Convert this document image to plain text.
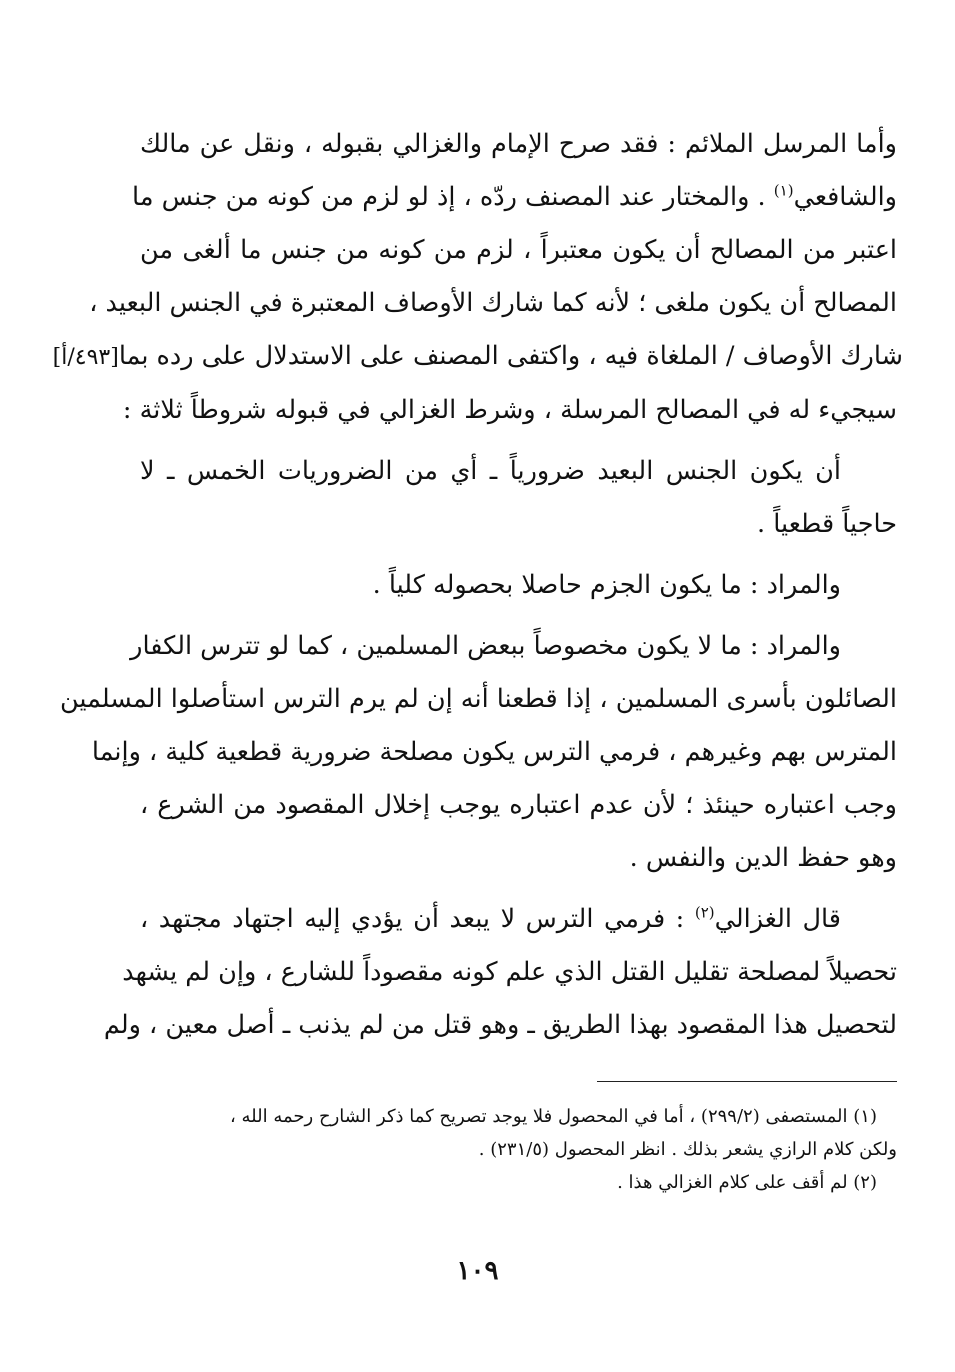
وأما المرسل الملائم : فقد صرح الإمام والغزالي بقبوله ، ونقل عن مالك
والشافعي$^{(١)}$ . والمختار عند المصنف ردّه ، إذ لو لزم من كونه من جنس ما
اعتبر من المصالح أن يكون معتبراً ، لزم من كونه من جنس ما ألغى من
المصالح أن يكون ملغى ؛ لأنه كما شارك الأوصاف المعتبرة في الجنس البعيد ،
شارك الأوصاف / الملغاة فيه ، واكتفى المصنف على الاستدلال على رده بما[٤٩٣/أ]
سيجيء له في المصالح المرسلة ، وشرط الغزالي في قبوله شروطاً ثلاثة :
أن يكون الجنس البعيد ضرورياً ـ أي من الضروريات الخمس ـ لا
حاجياً قطعياً .
والمراد : ما يكون الجزم حاصلا بحصوله كلياً .
والمراد : ما لا يكون مخصوصاً ببعض المسلمين ، كما لو تترس الكفار
الصائلون بأسرى المسلمين ، إذا قطعنا أنه إن لم يرم الترس استأصلوا المسلمين
المترس بهم وغيرهم ، فرمي الترس يكون مصلحة ضرورية قطعية كلية ، وإنما
وجب اعتباره حينئذ ؛ لأن عدم اعتباره يوجب إخلال المقصود من الشرع ،
وهو حفظ الدين والنفس .
قال الغزالي$^{(٢)}$ : فرمي الترس لا يبعد أن يؤدي إليه اجتهاد مجتهد ،
تحصيلاً لمصلحة تقليل القتل الذي علم كونه مقصوداً للشارع ، وإن لم يشهد
لتحصيل هذا المقصود بهذا الطريق ـ وهو قتل من لم يذنب ـ أصل معين ، ولم
(١) المستصفى (٢٩٩/٢) ، أما في المحصول فلا يوجد تصريح كما ذكر الشارح رحمه الله ،
ولكن كلام الرازي يشعر بذلك . انظر المحصول (٢٣١/٥) .
(٢) لم أقف على كلام الغزالي هذا .
١٠٩
